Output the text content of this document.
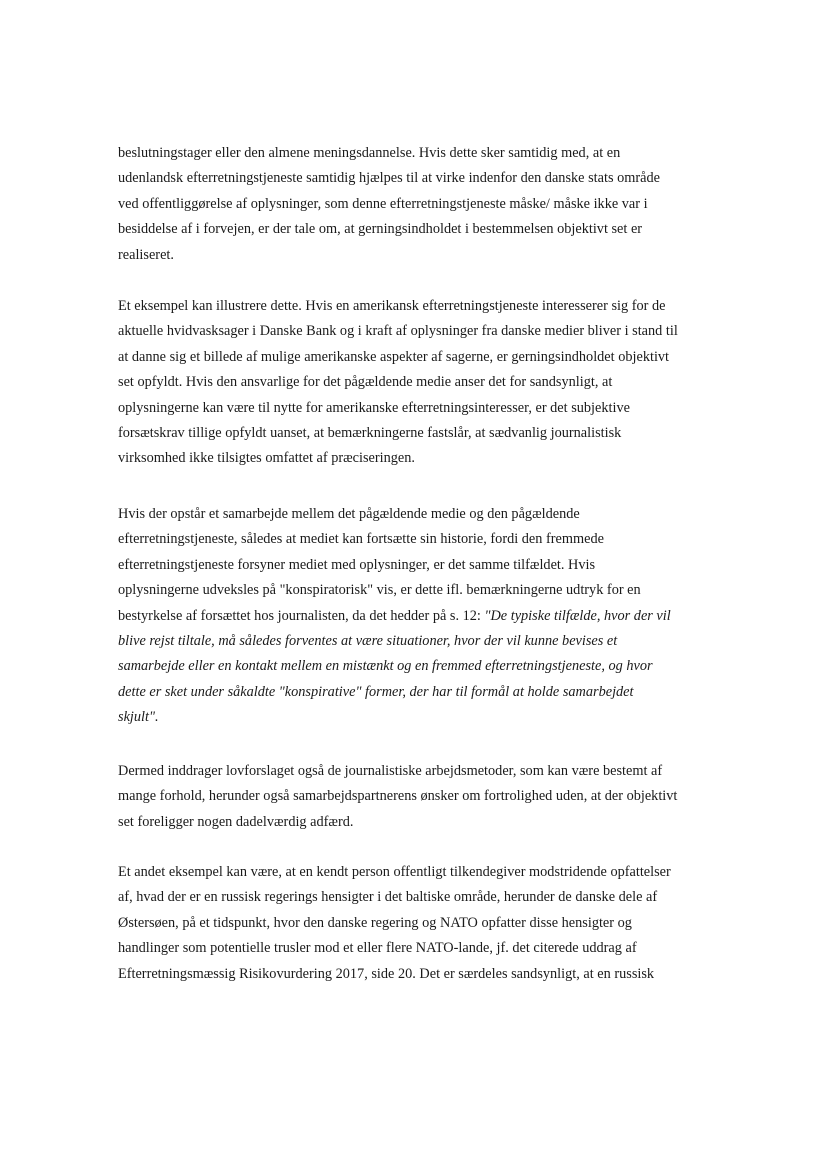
beslutningstager eller den almene meningsdannelse. Hvis dette sker samtidig med, at en
udenlandsk efterretningstjeneste samtidig hjælpes til at virke indenfor den danske stats område
ved offentliggørelse af oplysninger, som denne efterretningstjeneste måske/ måske ikke var i
besiddelse af i forvejen, er der tale om, at gerningsindholdet i bestemmelsen objektivt set er
realiseret.
Et eksempel kan illustrere dette. Hvis en amerikansk efterretningstjeneste interesserer sig for de
aktuelle hvidvasksager i Danske Bank og i kraft af oplysninger fra danske medier bliver i stand til
at danne sig et billede af mulige amerikanske aspekter af sagerne, er gerningsindholdet objektivt
set opfyldt. Hvis den ansvarlige for det pågældende medie anser det for sandsynligt, at
oplysningerne kan være til nytte for amerikanske efterretningsinteresser, er det subjektive
forsætskrav tillige opfyldt uanset, at bemærkningerne fastslår, at sædvanlig journalistisk
virksomhed ikke tilsigtes omfattet af præciseringen.
Hvis der opstår et samarbejde mellem det pågældende medie og den pågældende
efterretningstjeneste, således at mediet kan fortsætte sin historie, fordi den fremmede
efterretningstjeneste forsyner mediet med oplysninger, er det samme tilfældet. Hvis
oplysningerne udveksles på "konspiratorisk" vis, er dette ifl. bemærkningerne udtryk for en
bestyrkelse af forsættet hos journalisten, da det hedder på s. 12: "De typiske tilfælde, hvor der vil
blive rejst tiltale, må således forventes at være situationer, hvor der vil kunne bevises et
samarbejde eller en kontakt mellem en mistænkt og en fremmed efterretningstjeneste, og hvor
dette er sket under såkaldte "konspirative" former, der har til formål at holde samarbejdet
skjult".
Dermed inddrager lovforslaget også de journalistiske arbejdsmetoder, som kan være bestemt af
mange forhold, herunder også samarbejdspartnerens ønsker om fortrolighed uden, at der objektivt
set foreligger nogen dadelværdig adfærd.
Et andet eksempel kan være, at en kendt person offentligt tilkendegiver modstridende opfattelser
af, hvad der er en russisk regerings hensigter i det baltiske område, herunder de danske dele af
Østersøen, på et tidspunkt, hvor den danske regering og NATO opfatter disse hensigter og
handlinger som potentielle trusler mod et eller flere NATO-lande, jf. det citerede uddrag af
Efterretningsmæssig Risikovurdering 2017, side 20. Det er særdeles sandsynligt, at en russisk
